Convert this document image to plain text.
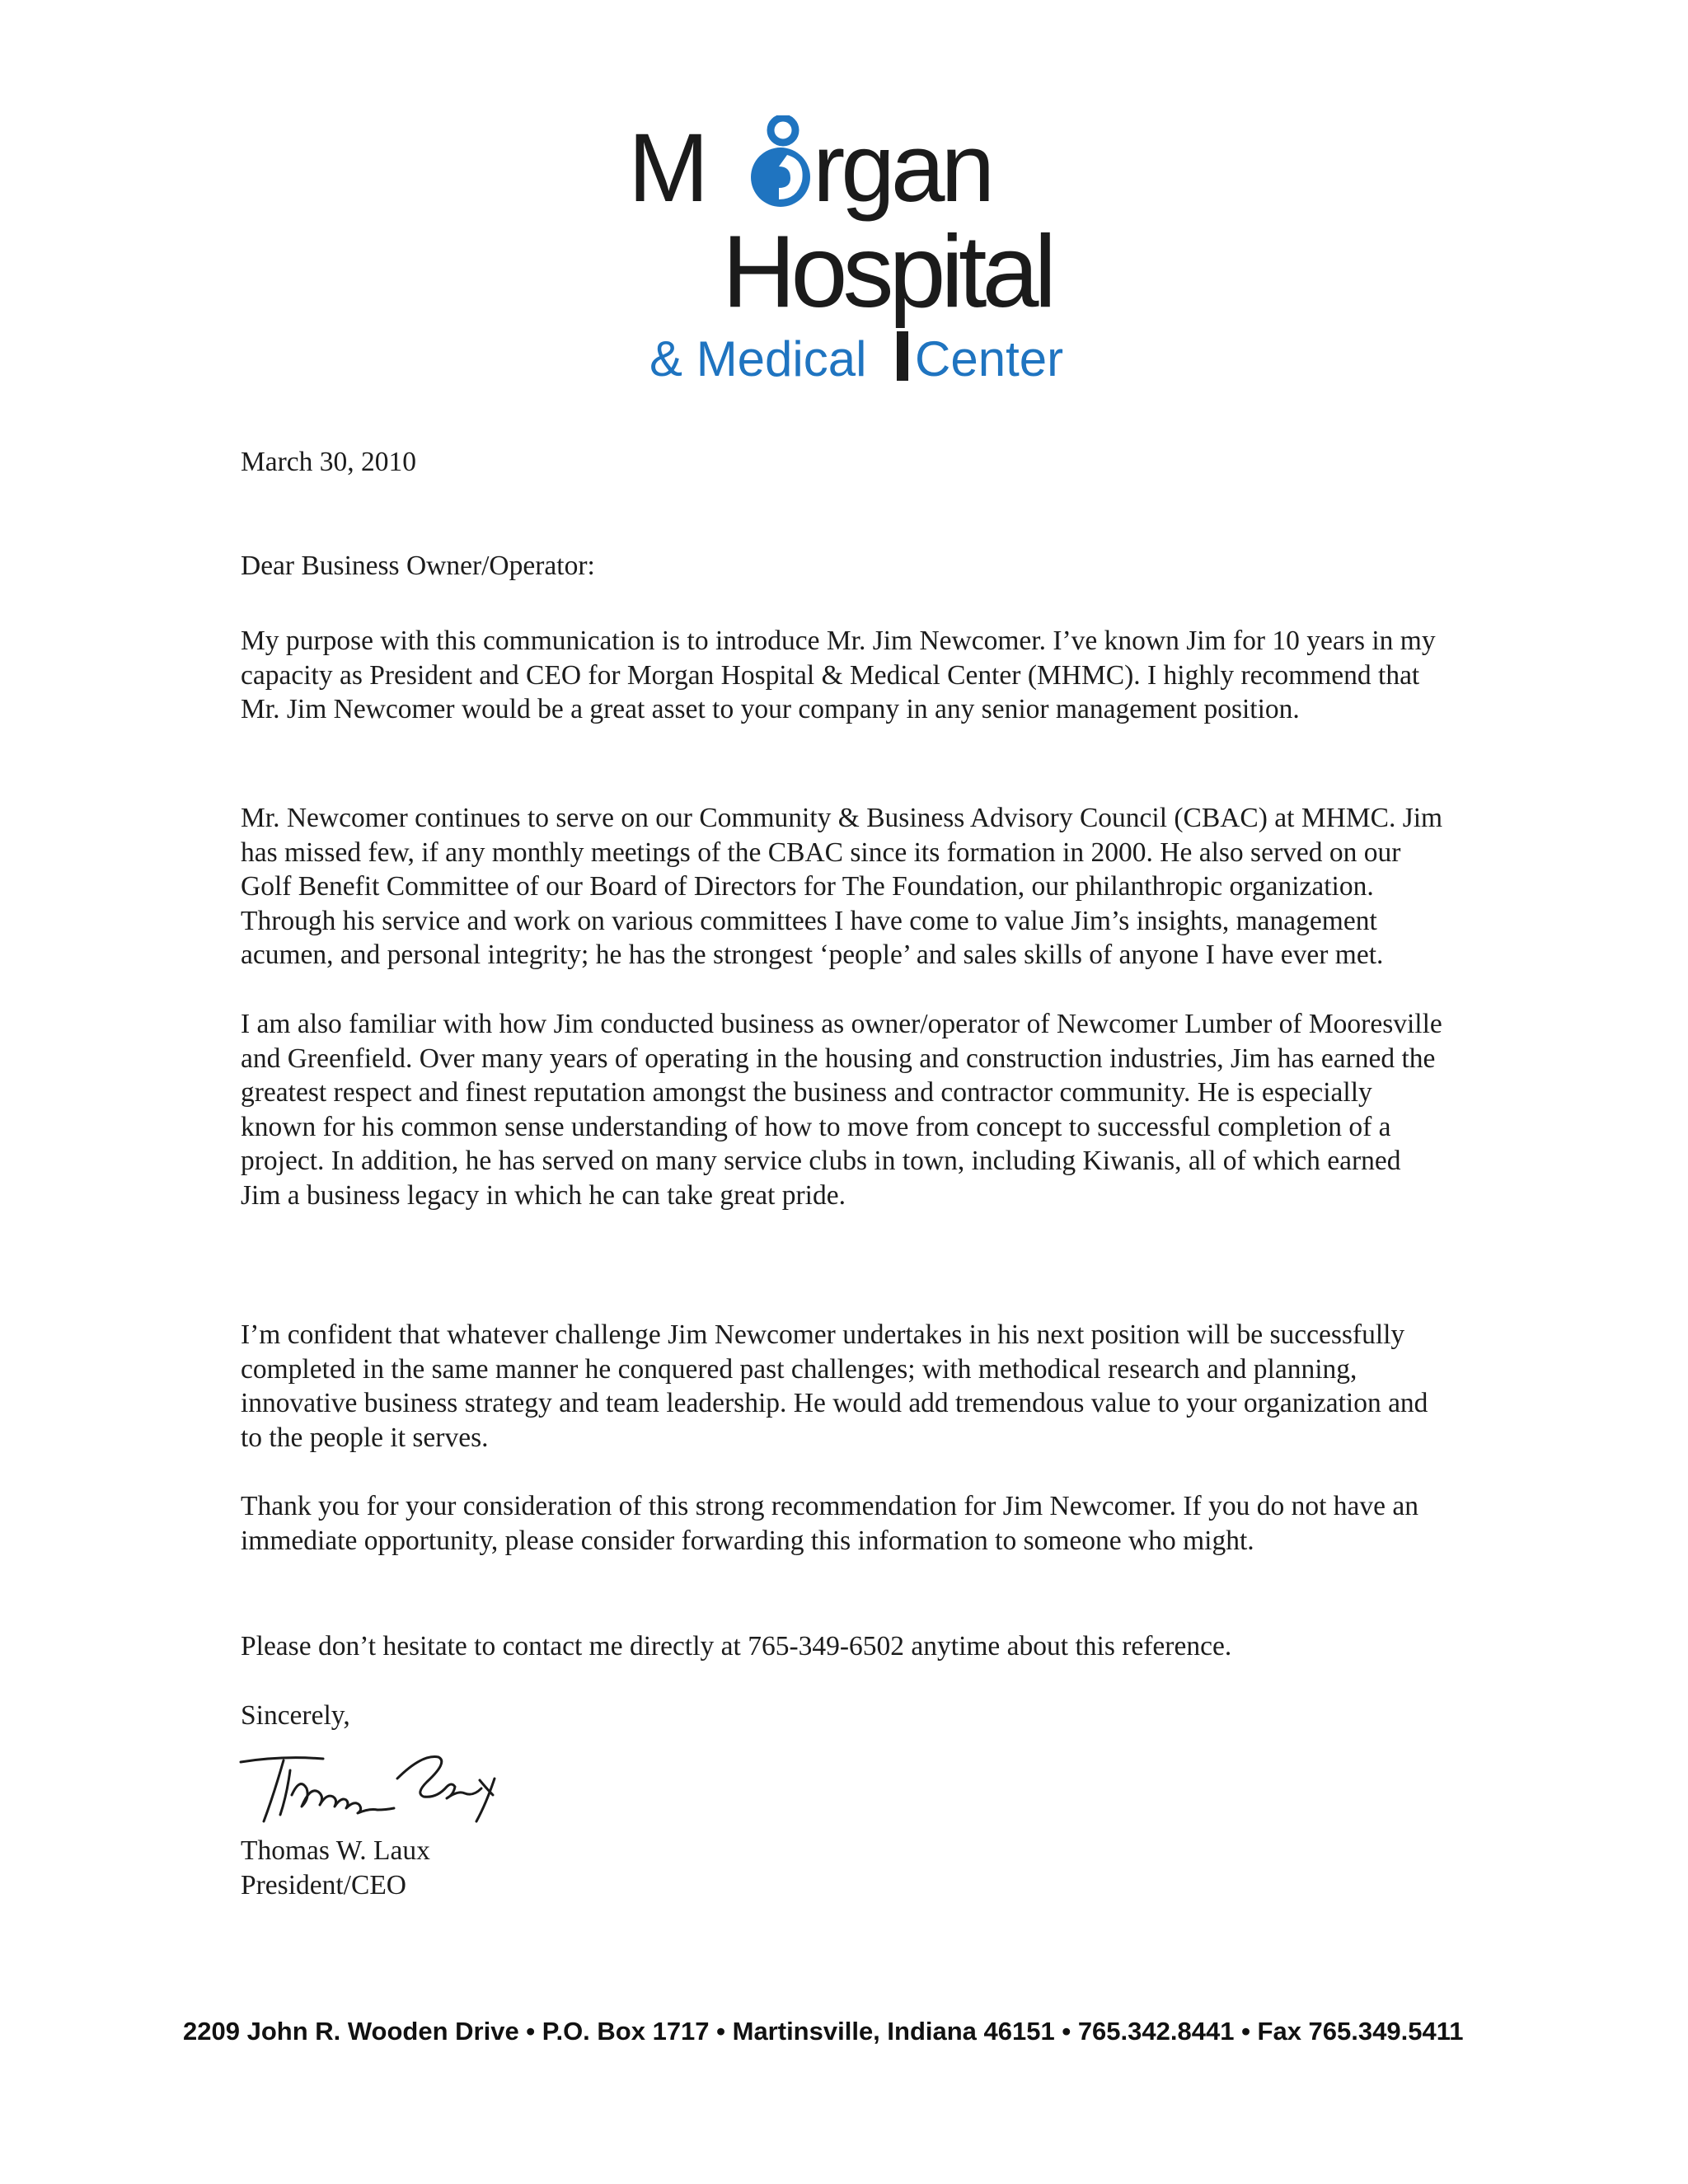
M rgan
Hospital
& Medical Center
March 30, 2010
Dear Business Owner/Operator:

My purpose with this communication is to introduce Mr. Jim Newcomer. I’ve known Jim for 10 years in my capacity as President and CEO for Morgan Hospital & Medical Center (MHMC). I highly recommend that Mr. Jim Newcomer would be a great asset to your company in any senior management position.

Mr. Newcomer continues to serve on our Community & Business Advisory Council (CBAC) at MHMC. Jim has missed few, if any monthly meetings of the CBAC since its formation in 2000. He also served on our Golf Benefit Committee of our Board of Directors for The Foundation, our philanthropic organization. Through his service and work on various committees I have come to value Jim’s insights, management acumen, and personal integrity; he has the strongest ‘people’ and sales skills of anyone I have ever met.

I am also familiar with how Jim conducted business as owner/operator of Newcomer Lumber of Mooresville and Greenfield. Over many years of operating in the housing and construction industries, Jim has earned the greatest respect and finest reputation amongst the business and contractor community. He is especially known for his common sense understanding of how to move from concept to successful completion of a project. In addition, he has served on many service clubs in town, including Kiwanis, all of which earned Jim a business legacy in which he can take great pride.

I’m confident that whatever challenge Jim Newcomer undertakes in his next position will be successfully completed in the same manner he conquered past challenges; with methodical research and planning, innovative business strategy and team leadership. He would add tremendous value to your organization and to the people it serves.

Thank you for your consideration of this strong recommendation for Jim Newcomer. If you do not have an immediate opportunity, please consider forwarding this information to someone who might.

Please don’t hesitate to contact me directly at 765-349-6502 anytime about this reference.

Sincerely,
Thomas W. Laux
President/CEO
2209 John R. Wooden Drive • P.O. Box 1717 • Martinsville, Indiana 46151 • 765.342.8441 • Fax 765.349.5411
